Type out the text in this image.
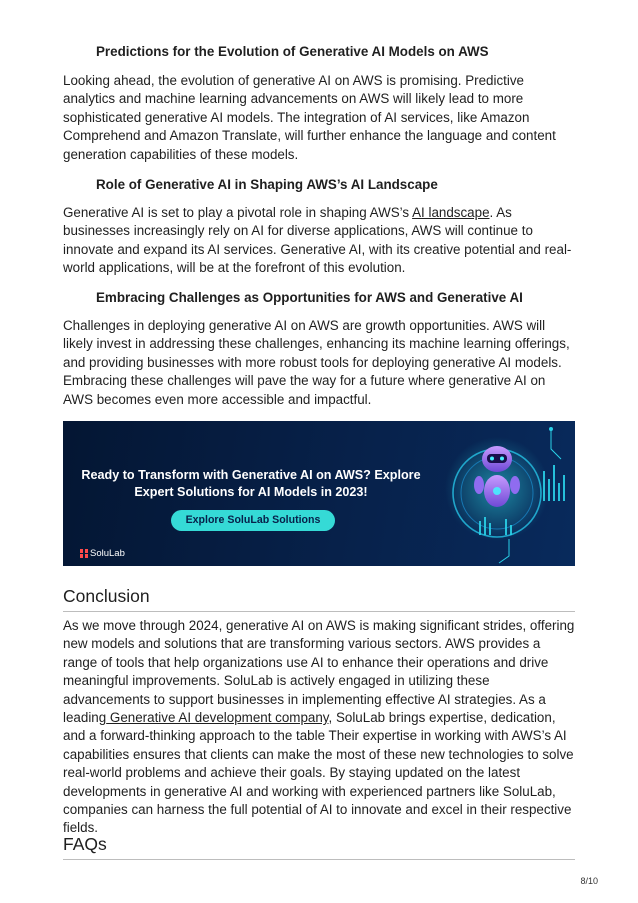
Predictions for the Evolution of Generative AI Models on AWS

Looking ahead, the evolution of generative AI on AWS is promising. Predictive analytics and machine learning advancements on AWS will likely lead to more sophisticated generative AI models. The integration of AI services, like Amazon Comprehend and Amazon Translate, will further enhance the language and content generation capabilities of these models.

Role of Generative AI in Shaping AWS’s AI Landscape

Generative AI is set to play a pivotal role in shaping AWS’s AI landscape. As businesses increasingly rely on AI for diverse applications, AWS will continue to innovate and expand its AI services. Generative AI, with its creative potential and real-world applications, will be at the forefront of this evolution.

Embracing Challenges as Opportunities for AWS and Generative AI

Challenges in deploying generative AI on AWS are growth opportunities. AWS will likely invest in addressing these challenges, enhancing its machine learning offerings, and providing businesses with more robust tools for deploying generative AI models. Embracing these challenges will pave the way for a future where generative AI on AWS becomes even more accessible and impactful.

Ready to Transform with Generative AI on AWS? Explore
Expert Solutions for AI Models in 2023!
Explore SoluLab Solutions
SoluLab
Conclusion

As we move through 2024, generative AI on AWS is making significant strides, offering new models and solutions that are transforming various sectors. AWS provides a range of tools that help organizations use AI to enhance their operations and drive meaningful improvements. SoluLab is actively engaged in utilizing these advancements to support businesses in implementing effective AI strategies. As a leading Generative AI development company, SoluLab brings expertise, dedication, and a forward-thinking approach to the table Their expertise in working with AWS’s AI capabilities ensures that clients can make the most of these new technologies to solve real-world problems and achieve their goals. By staying updated on the latest developments in generative AI and working with experienced partners like SoluLab, companies can harness the full potential of AI to innovate and excel in their respective fields.

FAQs
8/10
